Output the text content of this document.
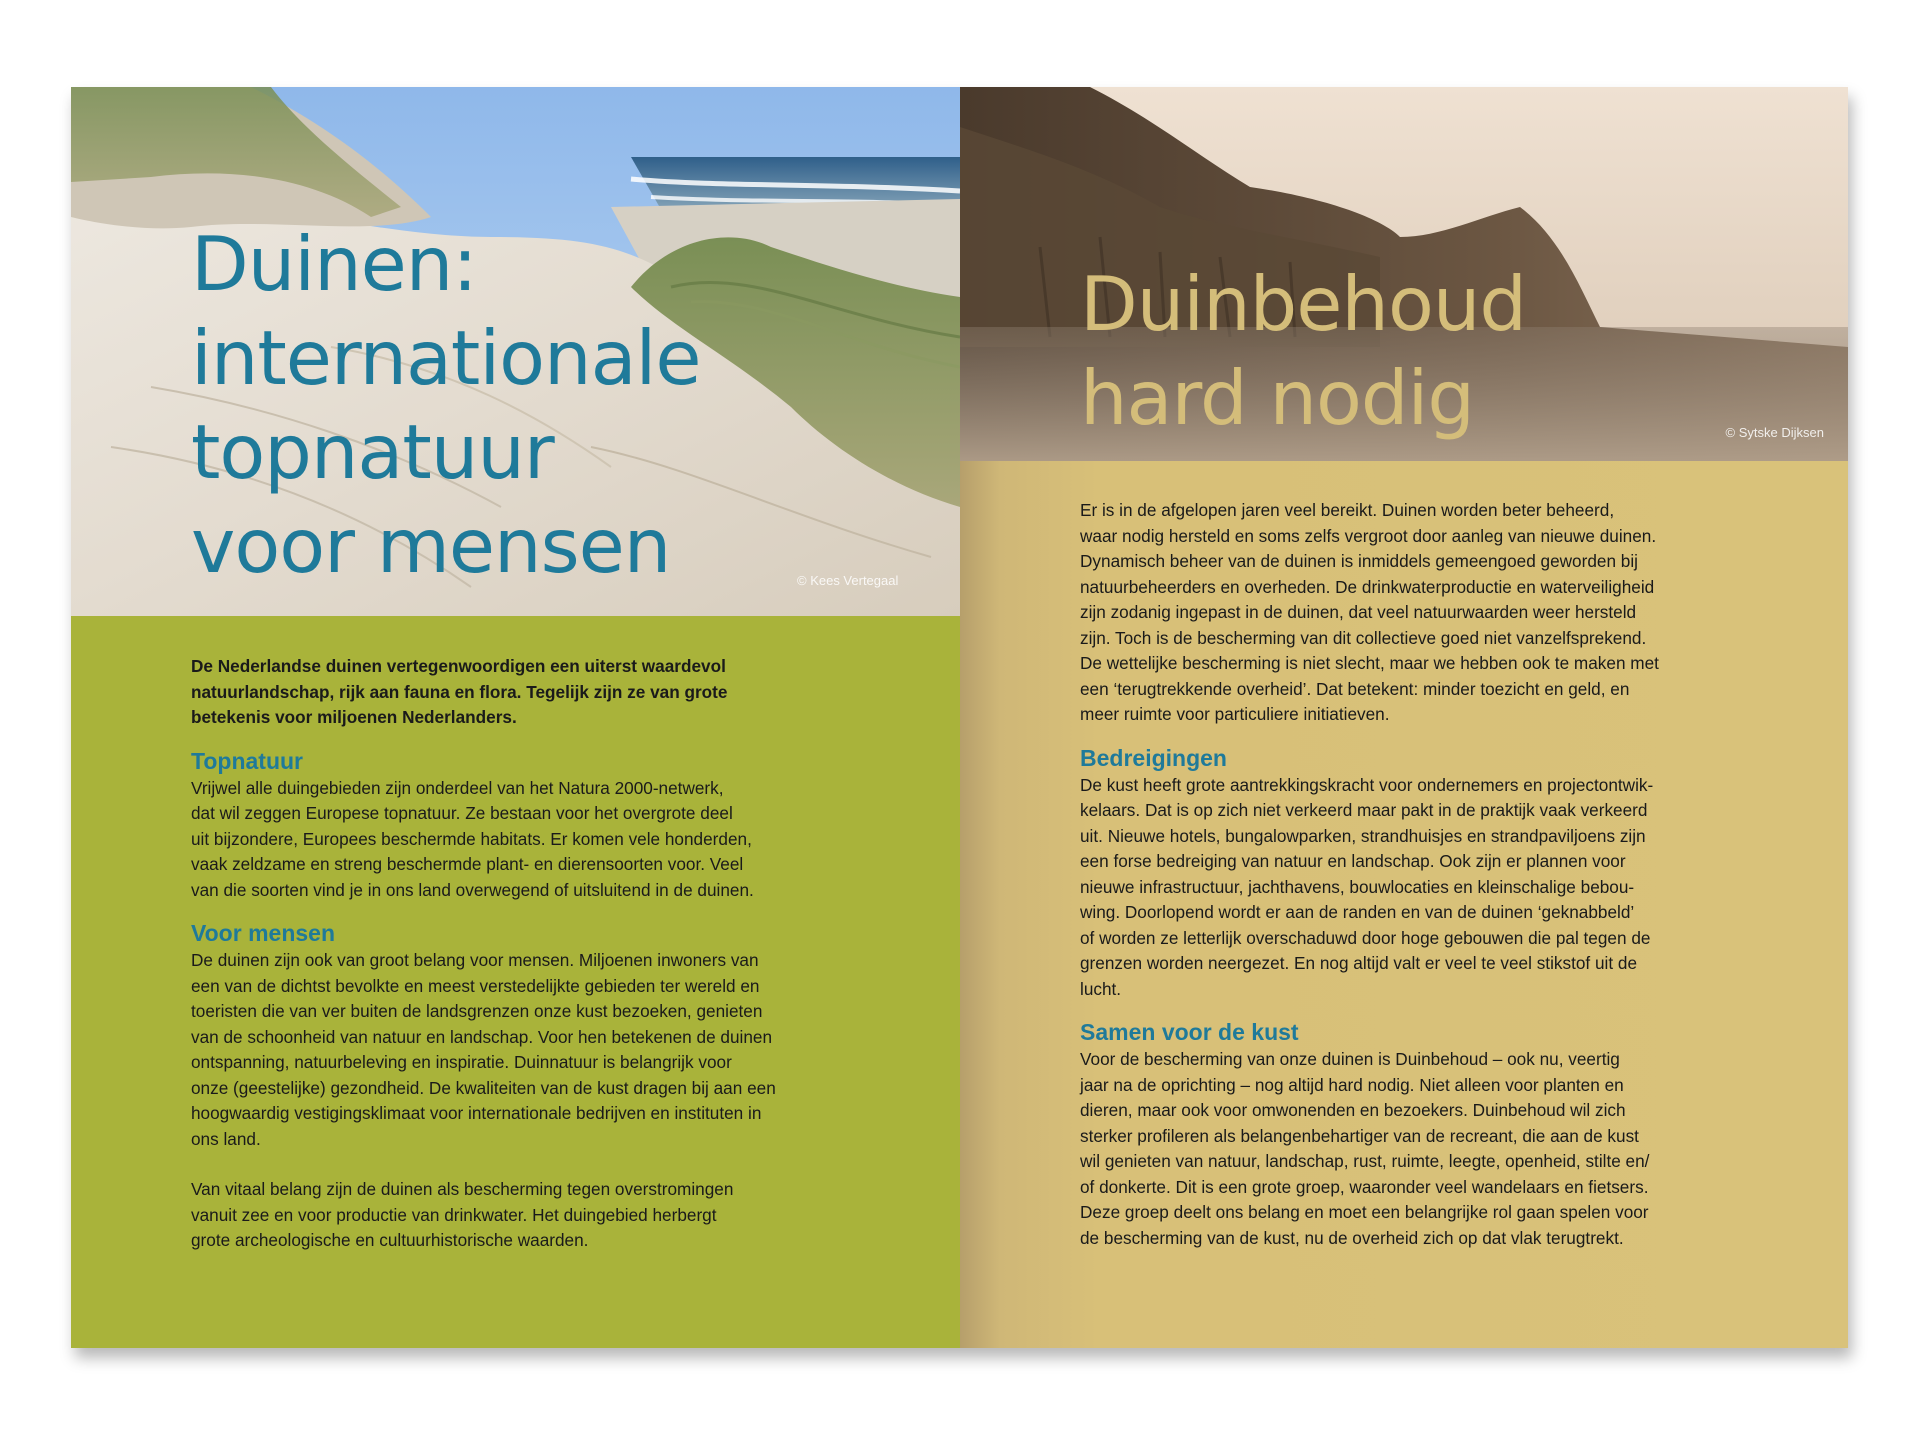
Duinen:
internationale
topnatuur
voor mensen	© Kees Vertegaal

De Nederlandse duinen vertegenwoordigen een uiterst waardevol
natuurlandschap, rijk aan fauna en flora. Tegelijk zijn ze van grote
betekenis voor miljoenen Nederlanders.

Topnatuur

Vrijwel alle duingebieden zijn onderdeel van het Natura 2000-netwerk,
dat wil zeggen Europese topnatuur. Ze bestaan voor het overgrote deel
uit bijzondere, Europees beschermde habitats. Er komen vele honderden,
vaak zeldzame en streng beschermde plant- en dierensoorten voor. Veel
van die soorten vind je in ons land overwegend of uitsluitend in de duinen.

Voor mensen

De duinen zijn ook van groot belang voor mensen. Miljoenen inwoners van
een van de dichtst bevolkte en meest verstedelijkte gebieden ter wereld en
toeristen die van ver buiten de landsgrenzen onze kust bezoeken, genieten
van de schoonheid van natuur en landschap. Voor hen betekenen de duinen
ontspanning, natuurbeleving en inspiratie. Duinnatuur is belangrijk voor
onze (geestelijke) gezondheid. De kwaliteiten van de kust dragen bij aan een
hoogwaardig vestigingsklimaat voor internationale bedrijven en instituten in
ons land.

Van vitaal belang zijn de duinen als bescherming tegen overstromingen
vanuit zee en voor productie van drinkwater. Het duingebied herbergt
grote archeologische en cultuurhistorische waarden.

Duinbehoud
hard nodig	© Sytske Dijksen

Er is in de afgelopen jaren veel bereikt. Duinen worden beter beheerd,
waar nodig hersteld en soms zelfs vergroot door aanleg van nieuwe duinen.
Dynamisch beheer van de duinen is inmiddels gemeengoed geworden bij
natuurbeheerders en overheden. De drinkwaterproductie en waterveiligheid
zijn zodanig ingepast in de duinen, dat veel natuurwaarden weer hersteld
zijn. Toch is de bescherming van dit collectieve goed niet vanzelfsprekend.
De wettelijke bescherming is niet slecht, maar we hebben ook te maken met
een ‘terugtrekkende overheid’. Dat betekent: minder toezicht en geld, en
meer ruimte voor particuliere initiatieven.

Bedreigingen

De kust heeft grote aantrekkingskracht voor ondernemers en projectontwik-
kelaars. Dat is op zich niet verkeerd maar pakt in de praktijk vaak verkeerd
uit. Nieuwe hotels, bungalowparken, strandhuisjes en strandpaviljoens zijn
een forse bedreiging van natuur en landschap. Ook zijn er plannen voor
nieuwe infrastructuur, jachthavens, bouwlocaties en kleinschalige bebou-
wing. Doorlopend wordt er aan de randen en van de duinen ‘geknabbeld’
of worden ze letterlijk overschaduwd door hoge gebouwen die pal tegen de
grenzen worden neergezet. En nog altijd valt er veel te veel stikstof uit de
lucht.

Samen voor de kust

Voor de bescherming van onze duinen is Duinbehoud – ook nu, veertig
jaar na de oprichting – nog altijd hard nodig. Niet alleen voor planten en
dieren, maar ook voor omwonenden en bezoekers. Duinbehoud wil zich
sterker profileren als belangenbehartiger van de recreant, die aan de kust
wil genieten van natuur, landschap, rust, ruimte, leegte, openheid, stilte en/
of donkerte. Dit is een grote groep, waaronder veel wandelaars en fietsers.
Deze groep deelt ons belang en moet een belangrijke rol gaan spelen voor
de bescherming van de kust, nu de overheid zich op dat vlak terugtrekt.
